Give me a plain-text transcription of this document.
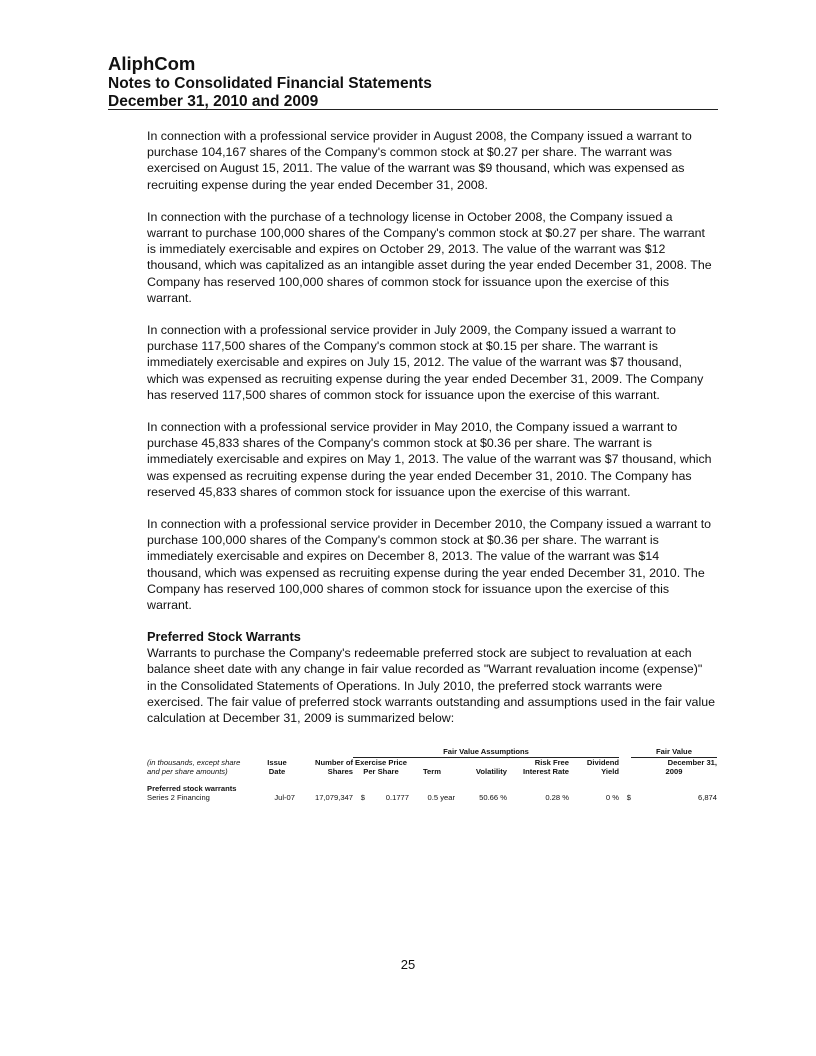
AliphCom
Notes to Consolidated Financial Statements
December 31, 2010 and 2009

In connection with a professional service provider in August 2008, the Company issued a warrant to purchase 104,167 shares of the Company's common stock at $0.27 per share. The warrant was exercised on August 15, 2011. The value of the warrant was $9 thousand, which was expensed as recruiting expense during the year ended December 31, 2008.

In connection with the purchase of a technology license in October 2008, the Company issued a warrant to purchase 100,000 shares of the Company's common stock at $0.27 per share. The warrant is immediately exercisable and expires on October 29, 2013. The value of the warrant was $12 thousand, which was capitalized as an intangible asset during the year ended December 31, 2008. The Company has reserved 100,000 shares of common stock for issuance upon the exercise of this warrant.

In connection with a professional service provider in July 2009, the Company issued a warrant to purchase 117,500 shares of the Company's common stock at $0.15 per share. The warrant is immediately exercisable and expires on July 15, 2012. The value of the warrant was $7 thousand, which was expensed as recruiting expense during the year ended December 31, 2009. The Company has reserved 117,500 shares of common stock for issuance upon the exercise of this warrant.

In connection with a professional service provider in May 2010, the Company issued a warrant to purchase 45,833 shares of the Company's common stock at $0.36 per share. The warrant is immediately exercisable and expires on May 1, 2013. The value of the warrant was $7 thousand, which was expensed as recruiting expense during the year ended December 31, 2010. The Company has reserved 45,833 shares of common stock for issuance upon the exercise of this warrant.

In connection with a professional service provider in December 2010, the Company issued a warrant to purchase 100,000 shares of the Company's common stock at $0.36 per share. The warrant is immediately exercisable and expires on December 8, 2013. The value of the warrant was $14 thousand, which was expensed as recruiting expense during the year ended December 31, 2010. The Company has reserved 100,000 shares of common stock for issuance upon the exercise of this warrant.

Preferred Stock Warrants

Warrants to purchase the Company's redeemable preferred stock are subject to revaluation at each balance sheet date with any change in fair value recorded as "Warrant revaluation income (expense)" in the Consolidated Statements of Operations. In July 2010, the preferred stock warrants were exercised. The fair value of preferred stock warrants outstanding and assumptions used in the fair value calculation at December 31, 2009 is summarized below:

			Fair Value Assumptions							Fair Value
(in thousands, except share	Issue	Number of	Exercise Price				Risk Free	Dividend		December 31,
and per share amounts)	Date	Shares	Per Share		Term	Volatility	Interest Rate	Yield		2009

Preferred stock warrants										
Series 2 Financing	Jul-07	17,079,347	$	0.1777	0.5 year	50.66 %	0.28 %	0 %	$	6,874
25
